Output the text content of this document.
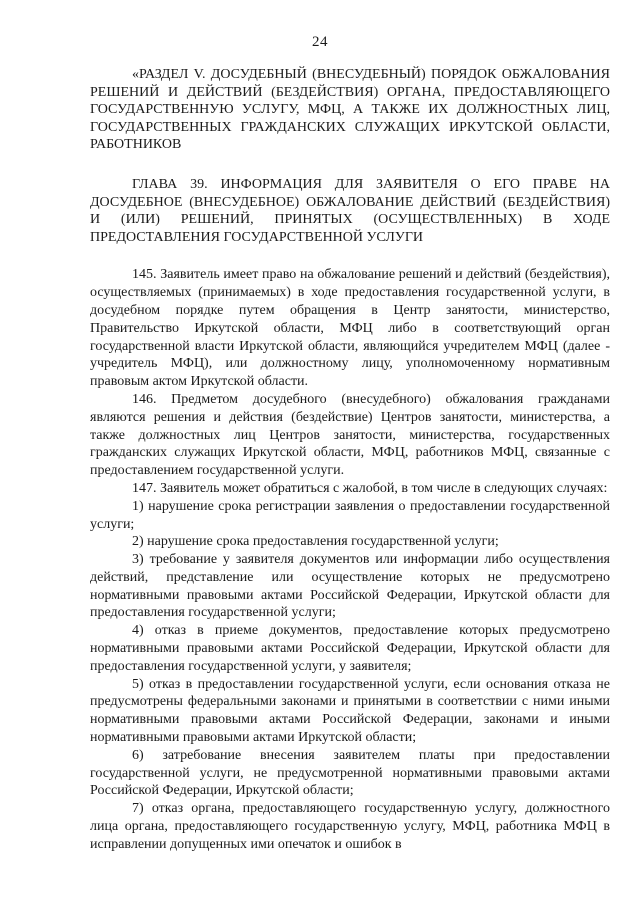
24

«РАЗДЕЛ V. ДОСУДЕБНЫЙ (ВНЕСУДЕБНЫЙ) ПОРЯДОК ОБЖАЛОВАНИЯ РЕШЕНИЙ И ДЕЙСТВИЙ (БЕЗДЕЙСТВИЯ) ОРГАНА, ПРЕДОСТАВЛЯЮЩЕГО ГОСУДАРСТВЕННУЮ УСЛУГУ, МФЦ, А ТАКЖЕ ИХ ДОЛЖНОСТНЫХ ЛИЦ, ГОСУДАРСТВЕННЫХ ГРАЖДАНСКИХ СЛУЖАЩИХ ИРКУТСКОЙ ОБЛАСТИ, РАБОТНИКОВ

ГЛАВА 39. ИНФОРМАЦИЯ ДЛЯ ЗАЯВИТЕЛЯ О ЕГО ПРАВЕ НА ДОСУДЕБНОЕ (ВНЕСУДЕБНОЕ) ОБЖАЛОВАНИЕ ДЕЙСТВИЙ (БЕЗДЕЙСТВИЯ) И (ИЛИ) РЕШЕНИЙ, ПРИНЯТЫХ (ОСУЩЕСТВЛЕННЫХ) В ХОДЕ ПРЕДОСТАВЛЕНИЯ ГОСУДАРСТВЕННОЙ УСЛУГИ

145. Заявитель имеет право на обжалование решений и действий (бездействия), осуществляемых (принимаемых) в ходе предоставления государственной услуги, в досудебном порядке путем обращения в Центр занятости, министерство, Правительство Иркутской области, МФЦ либо в соответствующий орган государственной власти Иркутской области, являющийся учредителем МФЦ (далее - учредитель МФЦ), или должностному лицу, уполномоченному нормативным правовым актом Иркутской области.

146. Предметом досудебного (внесудебного) обжалования гражданами являются решения и действия (бездействие) Центров занятости, министерства, а также должностных лиц Центров занятости, министерства, государственных гражданских служащих Иркутской области, МФЦ, работников МФЦ, связанные с предоставлением государственной услуги.

147. Заявитель может обратиться с жалобой, в том числе в следующих случаях:

1) нарушение срока регистрации заявления о предоставлении государственной услуги;

2) нарушение срока предоставления государственной услуги;

3) требование у заявителя документов или информации либо осуществления действий, представление или осуществление которых не предусмотрено нормативными правовыми актами Российской Федерации, Иркутской области для предоставления государственной услуги;

4) отказ в приеме документов, предоставление которых предусмотрено нормативными правовыми актами Российской Федерации, Иркутской области для предоставления государственной услуги, у заявителя;

5) отказ в предоставлении государственной услуги, если основания отказа не предусмотрены федеральными законами и принятыми в соответствии с ними иными нормативными правовыми актами Российской Федерации, законами и иными нормативными правовыми актами Иркутской области;

6) затребование внесения заявителем платы при предоставлении государственной услуги, не предусмотренной нормативными правовыми актами Российской Федерации, Иркутской области;

7) отказ органа, предоставляющего государственную услугу, должностного лица органа, предоставляющего государственную услугу, МФЦ, работника МФЦ в исправлении допущенных ими опечаток и ошибок в
